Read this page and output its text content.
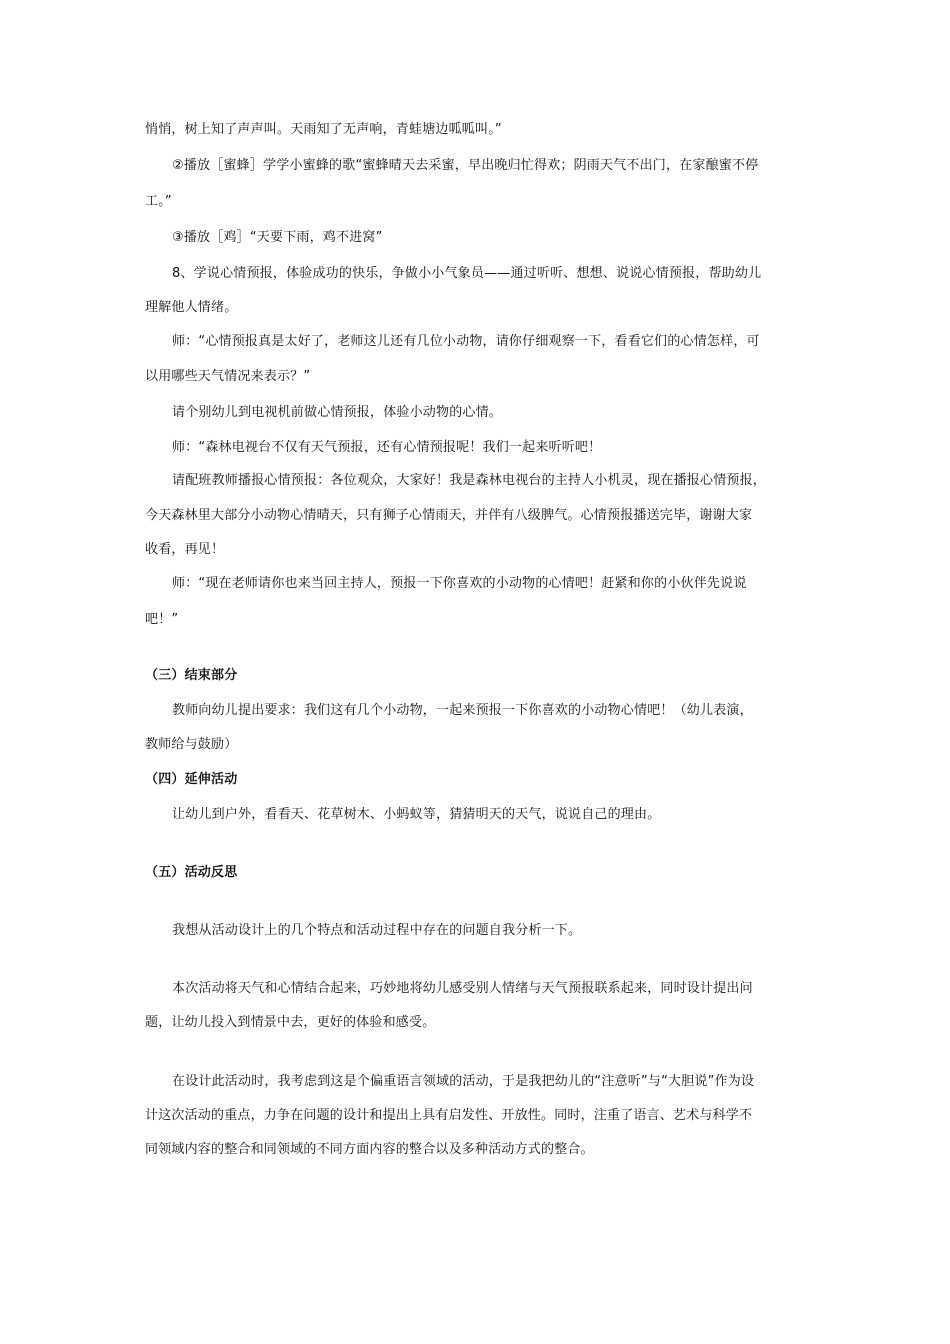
悄悄，树上知了声声叫。天雨知了无声响，青蛙塘边呱呱叫。”
②播放［蜜蜂］学学小蜜蜂的歌“蜜蜂晴天去采蜜，早出晚归忙得欢；阴雨天气不出门，在家酿蜜不停
工。”
③播放［鸡］“天要下雨，鸡不进窝”
8、学说心情预报，体验成功的快乐，争做小小气象员——通过听听、想想、说说心情预报，帮助幼儿
理解他人情绪。
师：“心情预报真是太好了，老师这儿还有几位小动物，请你仔细观察一下，看看它们的心情怎样，可
以用哪些天气情况来表示？”
请个别幼儿到电视机前做心情预报，体验小动物的心情。
师：“森林电视台不仅有天气预报，还有心情预报呢！我们一起来听听吧！
请配班教师播报心情预报：各位观众，大家好！我是森林电视台的主持人小机灵，现在播报心情预报，
今天森林里大部分小动物心情晴天，只有狮子心情雨天，并伴有八级脾气。心情预报播送完毕，谢谢大家
收看，再见！
师：“现在老师请你也来当回主持人，预报一下你喜欢的小动物的心情吧！赶紧和你的小伙伴先说说
吧！”
（三）结束部分
教师向幼儿提出要求：我们这有几个小动物，一起来预报一下你喜欢的小动物心情吧！（幼儿表演，
教师给与鼓励）
（四）延伸活动
让幼儿到户外，看看天、花草树木、小蚂蚁等，猜猜明天的天气，说说自己的理由。
（五）活动反思
我想从活动设计上的几个特点和活动过程中存在的问题自我分析一下。
本次活动将天气和心情结合起来，巧妙地将幼儿感受别人情绪与天气预报联系起来，同时设计提出问
题，让幼儿投入到情景中去，更好的体验和感受。
在设计此活动时，我考虑到这是个偏重语言领域的活动，于是我把幼儿的“注意听”与“大胆说”作为设
计这次活动的重点，力争在问题的设计和提出上具有启发性、开放性。同时，注重了语言、艺术与科学不
同领域内容的整合和同领域的不同方面内容的整合以及多种活动方式的整合。
